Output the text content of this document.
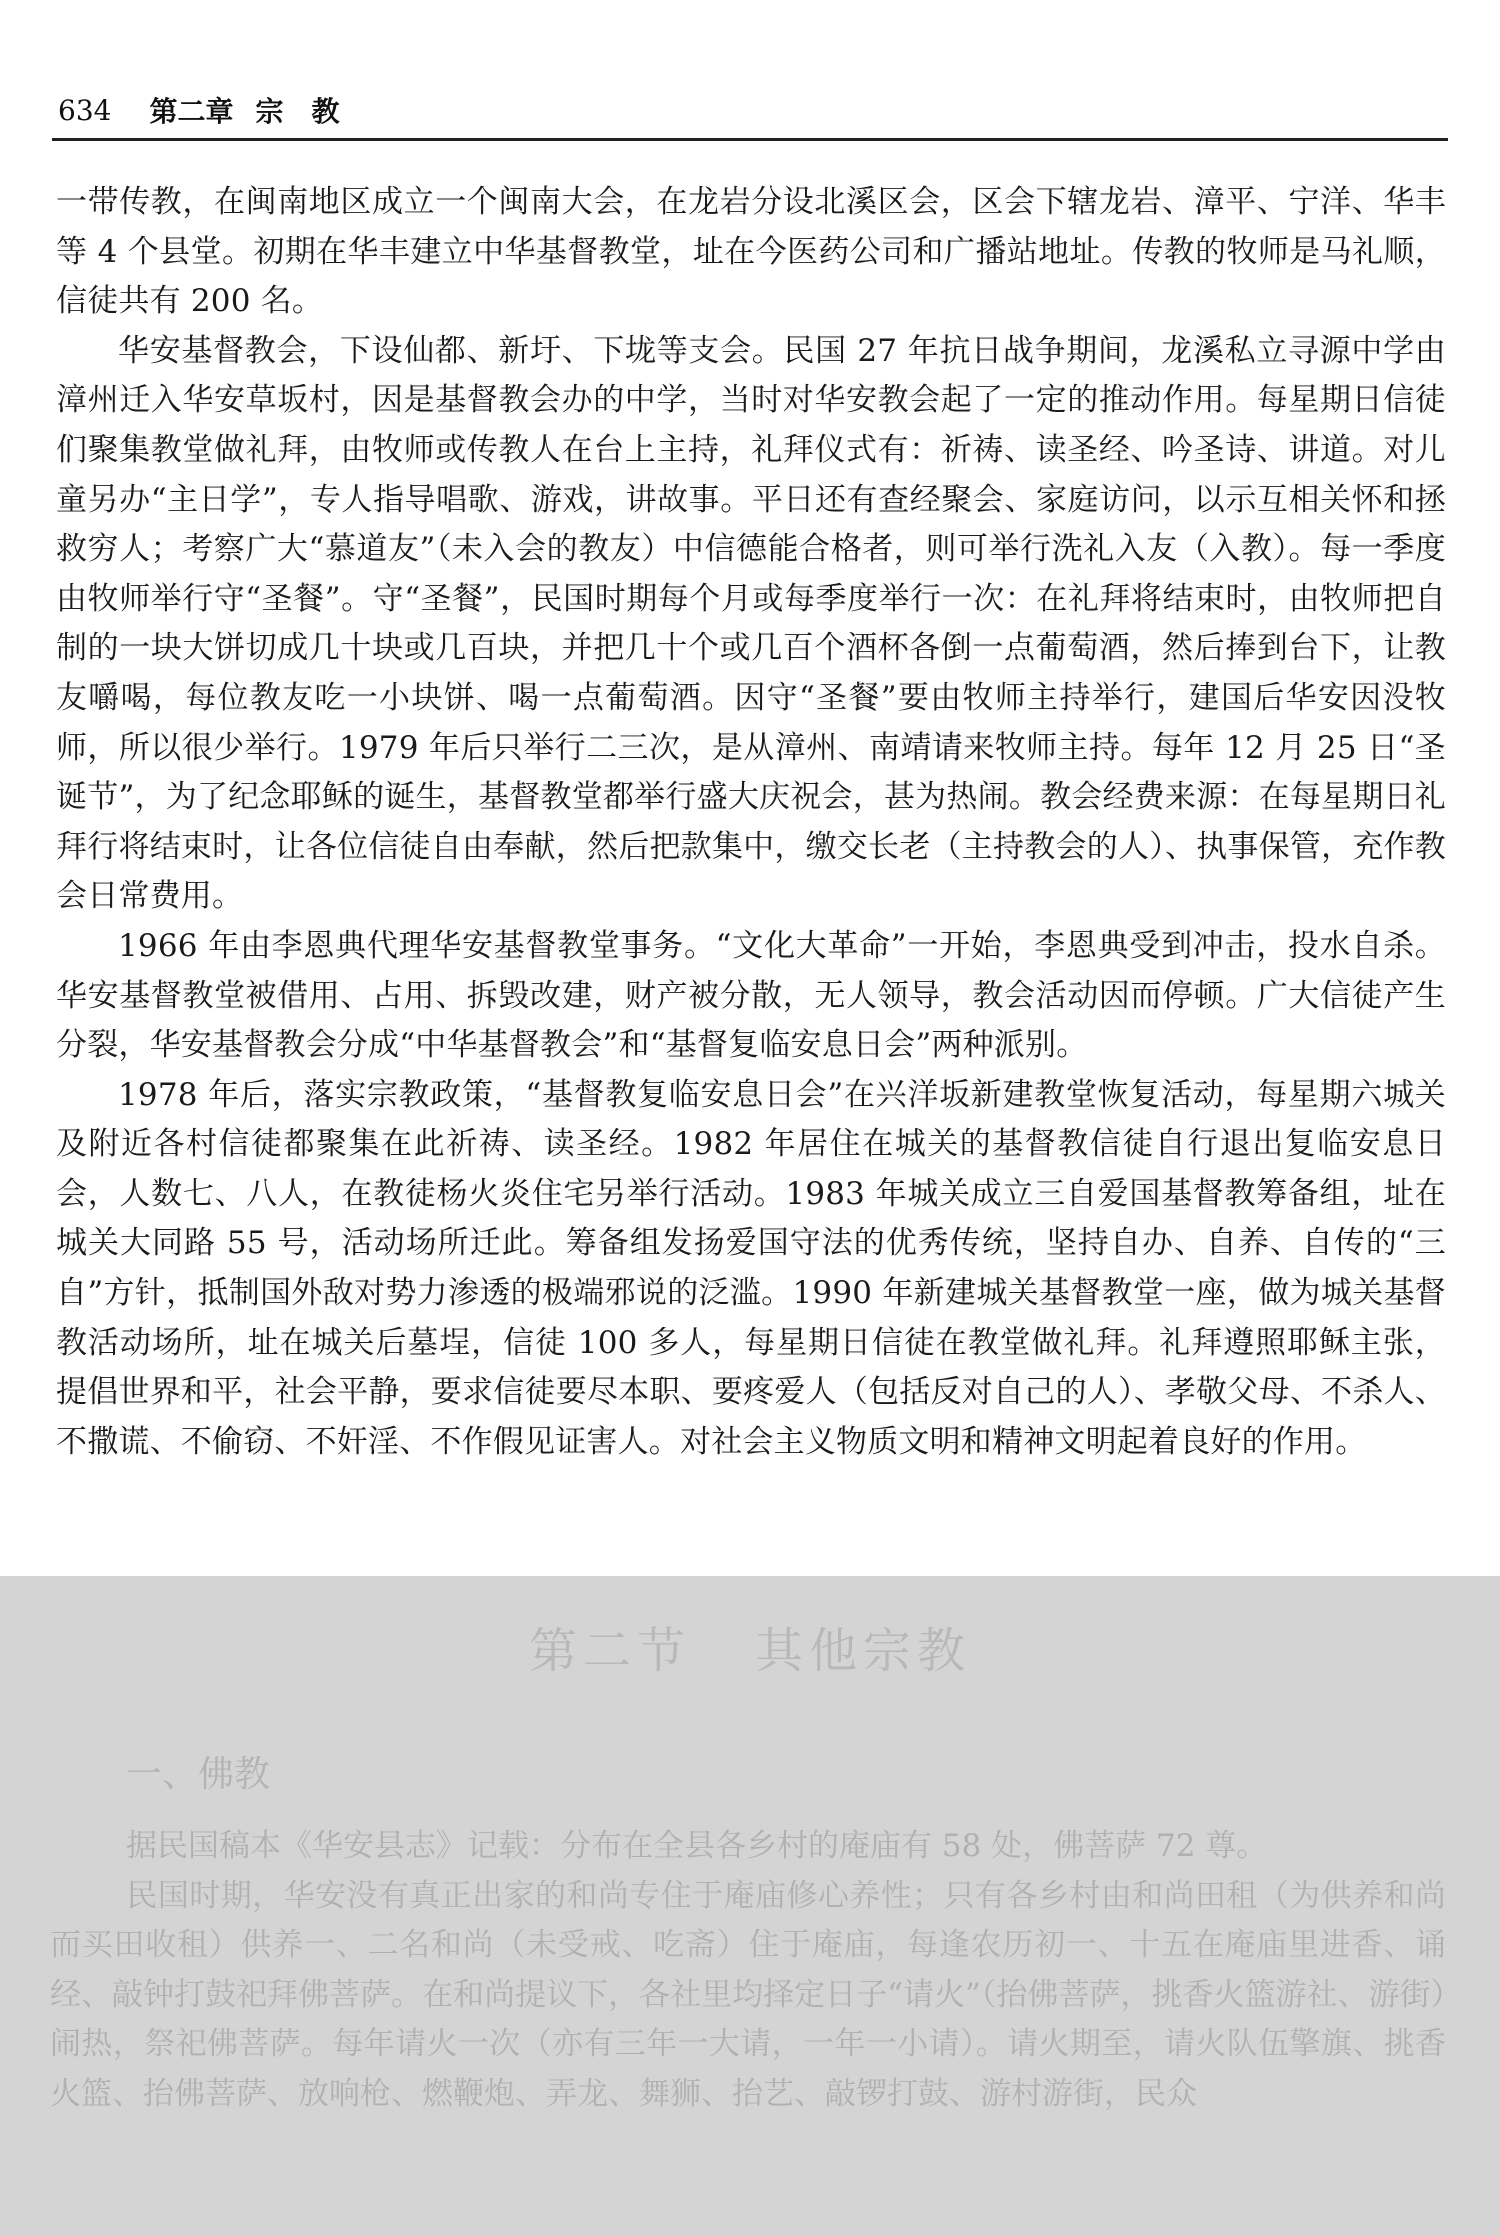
634 第二章 宗　教

一带传教，在闽南地区成立一个闽南大会，在龙岩分设北溪区会，区会下辖龙岩、漳平、宁洋、华丰等 4 个县堂。初期在华丰建立中华基督教堂，址在今医药公司和广播站地址。传教的牧师是马礼顺，信徒共有 200 名。

华安基督教会，下设仙都、新圩、下垅等支会。民国 27 年抗日战争期间，龙溪私立寻源中学由漳州迁入华安草坂村，因是基督教会办的中学，当时对华安教会起了一定的推动作用。每星期日信徒们聚集教堂做礼拜，由牧师或传教人在台上主持，礼拜仪式有：祈祷、读圣经、吟圣诗、讲道。对儿童另办“主日学”，专人指导唱歌、游戏，讲故事。平日还有查经聚会、家庭访问，以示互相关怀和拯救穷人；考察广大“慕道友”（未入会的教友）中信德能合格者，则可举行洗礼入友（入教）。每一季度由牧师举行守“圣餐”。守“圣餐”，民国时期每个月或每季度举行一次：在礼拜将结束时，由牧师把自制的一块大饼切成几十块或几百块，并把几十个或几百个酒杯各倒一点葡萄酒，然后捧到台下，让教友嚼喝，每位教友吃一小块饼、喝一点葡萄酒。因守“圣餐”要由牧师主持举行，建国后华安因没牧师，所以很少举行。1979 年后只举行二三次，是从漳州、南靖请来牧师主持。每年 12 月 25 日“圣诞节”，为了纪念耶稣的诞生，基督教堂都举行盛大庆祝会，甚为热闹。教会经费来源：在每星期日礼拜行将结束时，让各位信徒自由奉献，然后把款集中，缴交长老（主持教会的人）、执事保管，充作教会日常费用。

1966 年由李恩典代理华安基督教堂事务。“文化大革命”一开始，李恩典受到冲击，投水自杀。华安基督教堂被借用、占用、拆毁改建，财产被分散，无人领导，教会活动因而停顿。广大信徒产生分裂，华安基督教会分成“中华基督教会”和“基督复临安息日会”两种派别。

1978 年后，落实宗教政策，“基督教复临安息日会”在兴洋坂新建教堂恢复活动，每星期六城关及附近各村信徒都聚集在此祈祷、读圣经。1982 年居住在城关的基督教信徒自行退出复临安息日会，人数七、八人，在教徒杨火炎住宅另举行活动。1983 年城关成立三自爱国基督教筹备组，址在城关大同路 55 号，活动场所迁此。筹备组发扬爱国守法的优秀传统，坚持自办、自养、自传的“三自”方针，抵制国外敌对势力渗透的极端邪说的泛滥。1990 年新建城关基督教堂一座，做为城关基督教活动场所，址在城关后墓埕，信徒 100 多人，每星期日信徒在教堂做礼拜。礼拜遵照耶稣主张，提倡世界和平，社会平静，要求信徒要尽本职、要疼爱人（包括反对自己的人）、孝敬父母、不杀人、不撒谎、不偷窃、不奸淫、不作假见证害人。对社会主义物质文明和精神文明起着良好的作用。

第二节 其他宗教
一、佛教

据民国稿本《华安县志》记载：分布在全县各乡村的庵庙有 58 处，佛菩萨 72 尊。

民国时期，华安没有真正出家的和尚专住于庵庙修心养性；只有各乡村由和尚田租（为供养和尚而买田收租）供养一、二名和尚（未受戒、吃斋）住于庵庙，每逢农历初一、十五在庵庙里进香、诵经、敲钟打鼓祀拜佛菩萨。在和尚提议下，各社里均择定日子“请火”（抬佛菩萨，挑香火篮游社、游街）闹热，祭祀佛菩萨。每年请火一次（亦有三年一大请，一年一小请）。请火期至，请火队伍擎旗、挑香火篮、抬佛菩萨、放响枪、燃鞭炮、弄龙、舞狮、抬艺、敲锣打鼓、游村游街，民众
